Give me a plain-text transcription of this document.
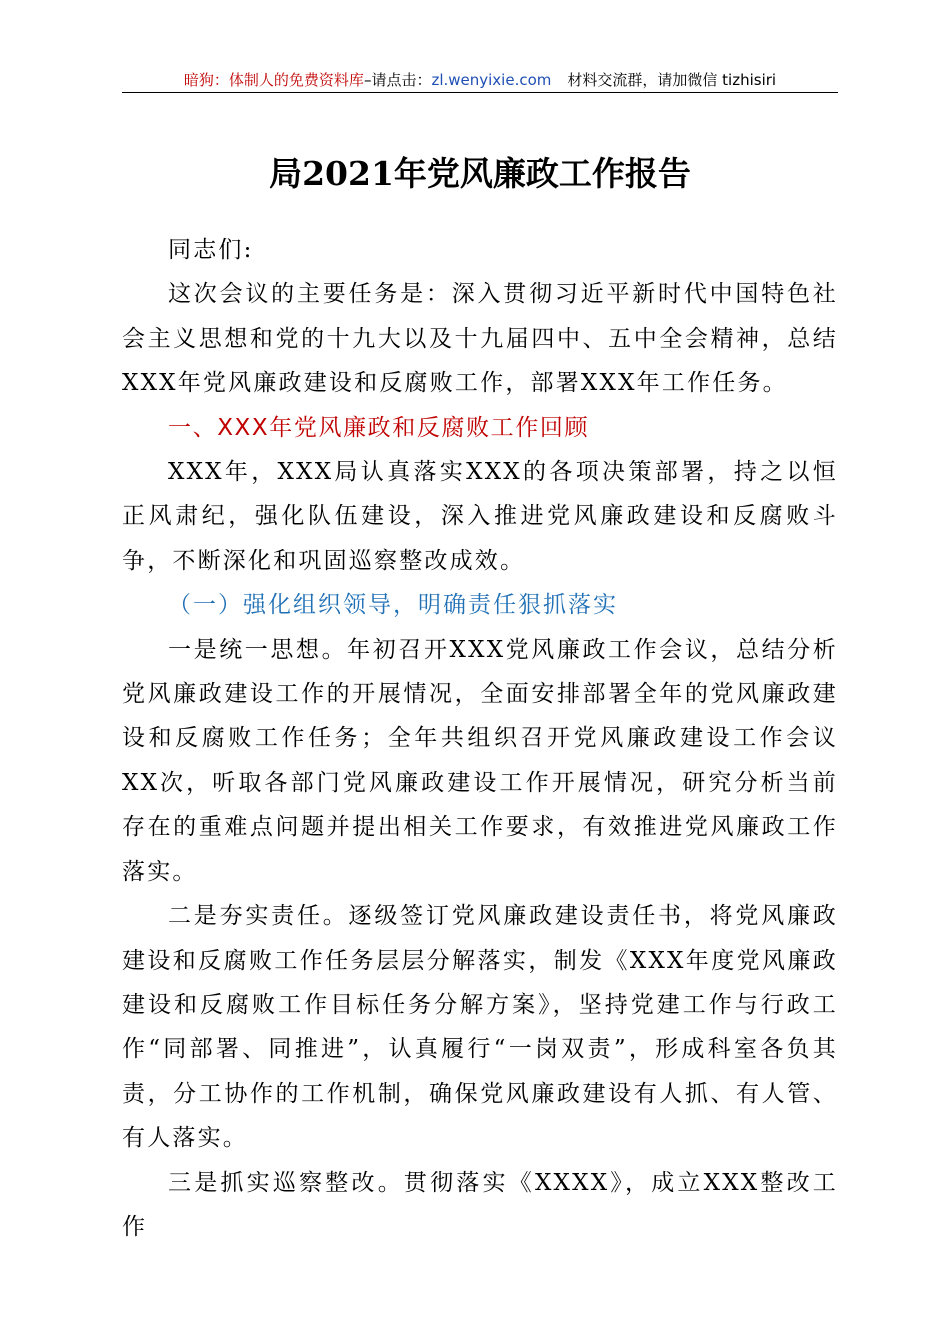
暗狗：体制人的免费资料库–请点击：zl.wenyixie.com 材料交流群，请加微信 tizhisiri
局2021年党风廉政工作报告

同志们:

这次会议的主要任务是：深入贯彻习近平新时代中国特色社会主义思想和党的十九大以及十九届四中、五中全会精神，总结XXX年党风廉政建设和反腐败工作，部署XXX年工作任务。

一、XXX年党风廉政和反腐败工作回顾

XXX年，XXX局认真落实XXX的各项决策部署，持之以恒正风肃纪，强化队伍建设，深入推进党风廉政建设和反腐败斗争，不断深化和巩固巡察整改成效。

（一）强化组织领导，明确责任狠抓落实

一是统一思想。年初召开XXX党风廉政工作会议，总结分析党风廉政建设工作的开展情况，全面安排部署全年的党风廉政建设和反腐败工作任务；全年共组织召开党风廉政建设工作会议XX次，听取各部门党风廉政建设工作开展情况，研究分析当前存在的重难点问题并提出相关工作要求，有效推进党风廉政工作落实。

二是夯实责任。逐级签订党风廉政建设责任书，将党风廉政建设和反腐败工作任务层层分解落实，制发《XXX年度党风廉政建设和反腐败工作目标任务分解方案》，坚持党建工作与行政工作“同部署、同推进”，认真履行“一岗双责”，形成科室各负其责，分工协作的工作机制，确保党风廉政建设有人抓、有人管、有人落实。

三是抓实巡察整改。贯彻落实《XXXX》，成立XXX整改工作
